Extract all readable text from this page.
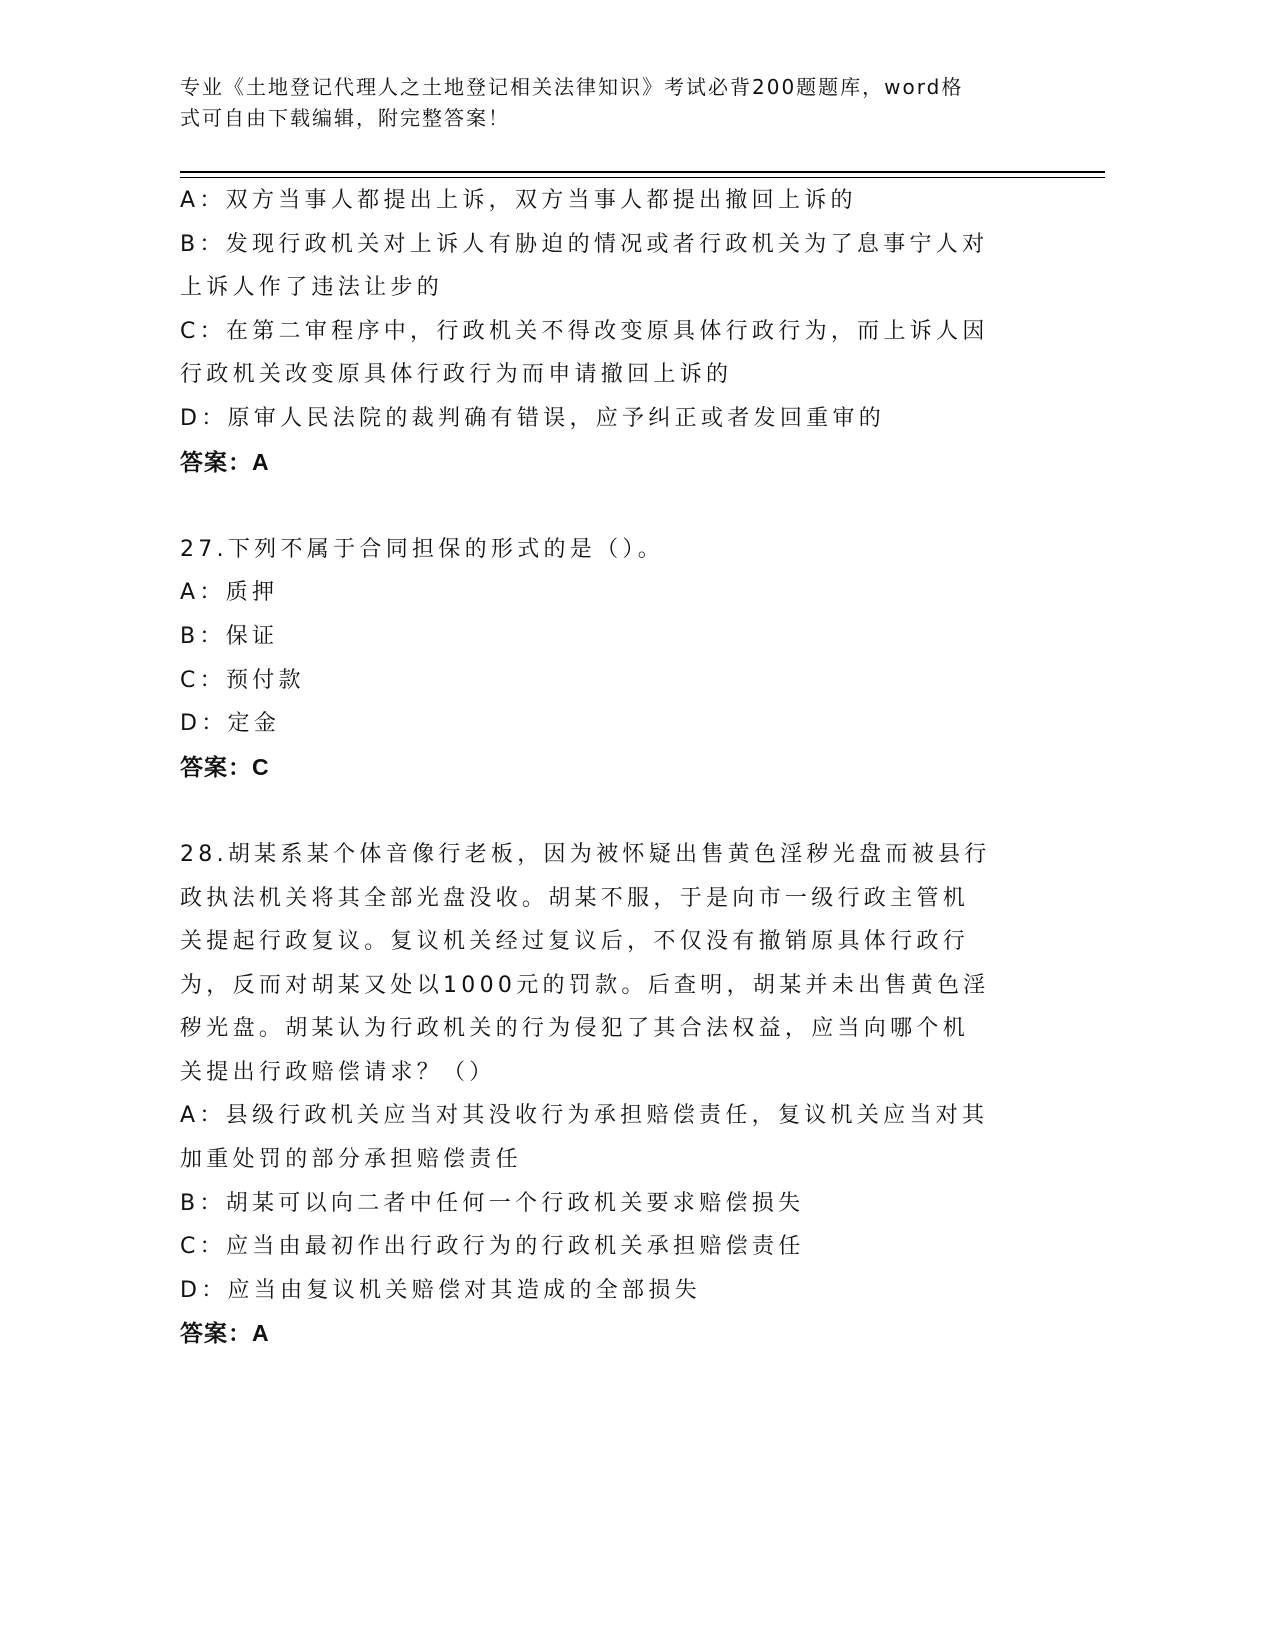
专业《土地登记代理人之土地登记相关法律知识》考试必背200题题库，word格
式可自由下载编辑，附完整答案！
A：双方当事人都提出上诉，双方当事人都提出撤回上诉的
B：发现行政机关对上诉人有胁迫的情况或者行政机关为了息事宁人对
上诉人作了违法让步的
C：在第二审程序中，行政机关不得改变原具体行政行为，而上诉人因
行政机关改变原具体行政行为而申请撤回上诉的
D：原审人民法院的裁判确有错误，应予纠正或者发回重审的
答案：A
27.下列不属于合同担保的形式的是（）。
A：质押
B：保证
C：预付款
D：定金
答案：C
28.胡某系某个体音像行老板，因为被怀疑出售黄色淫秽光盘而被县行
政执法机关将其全部光盘没收。胡某不服，于是向市一级行政主管机
关提起行政复议。复议机关经过复议后，不仅没有撤销原具体行政行
为，反而对胡某又处以1000元的罚款。后查明，胡某并未出售黄色淫
秽光盘。胡某认为行政机关的行为侵犯了其合法权益，应当向哪个机
关提出行政赔偿请求？（）
A：县级行政机关应当对其没收行为承担赔偿责任，复议机关应当对其
加重处罚的部分承担赔偿责任
B：胡某可以向二者中任何一个行政机关要求赔偿损失
C：应当由最初作出行政行为的行政机关承担赔偿责任
D：应当由复议机关赔偿对其造成的全部损失
答案：A
